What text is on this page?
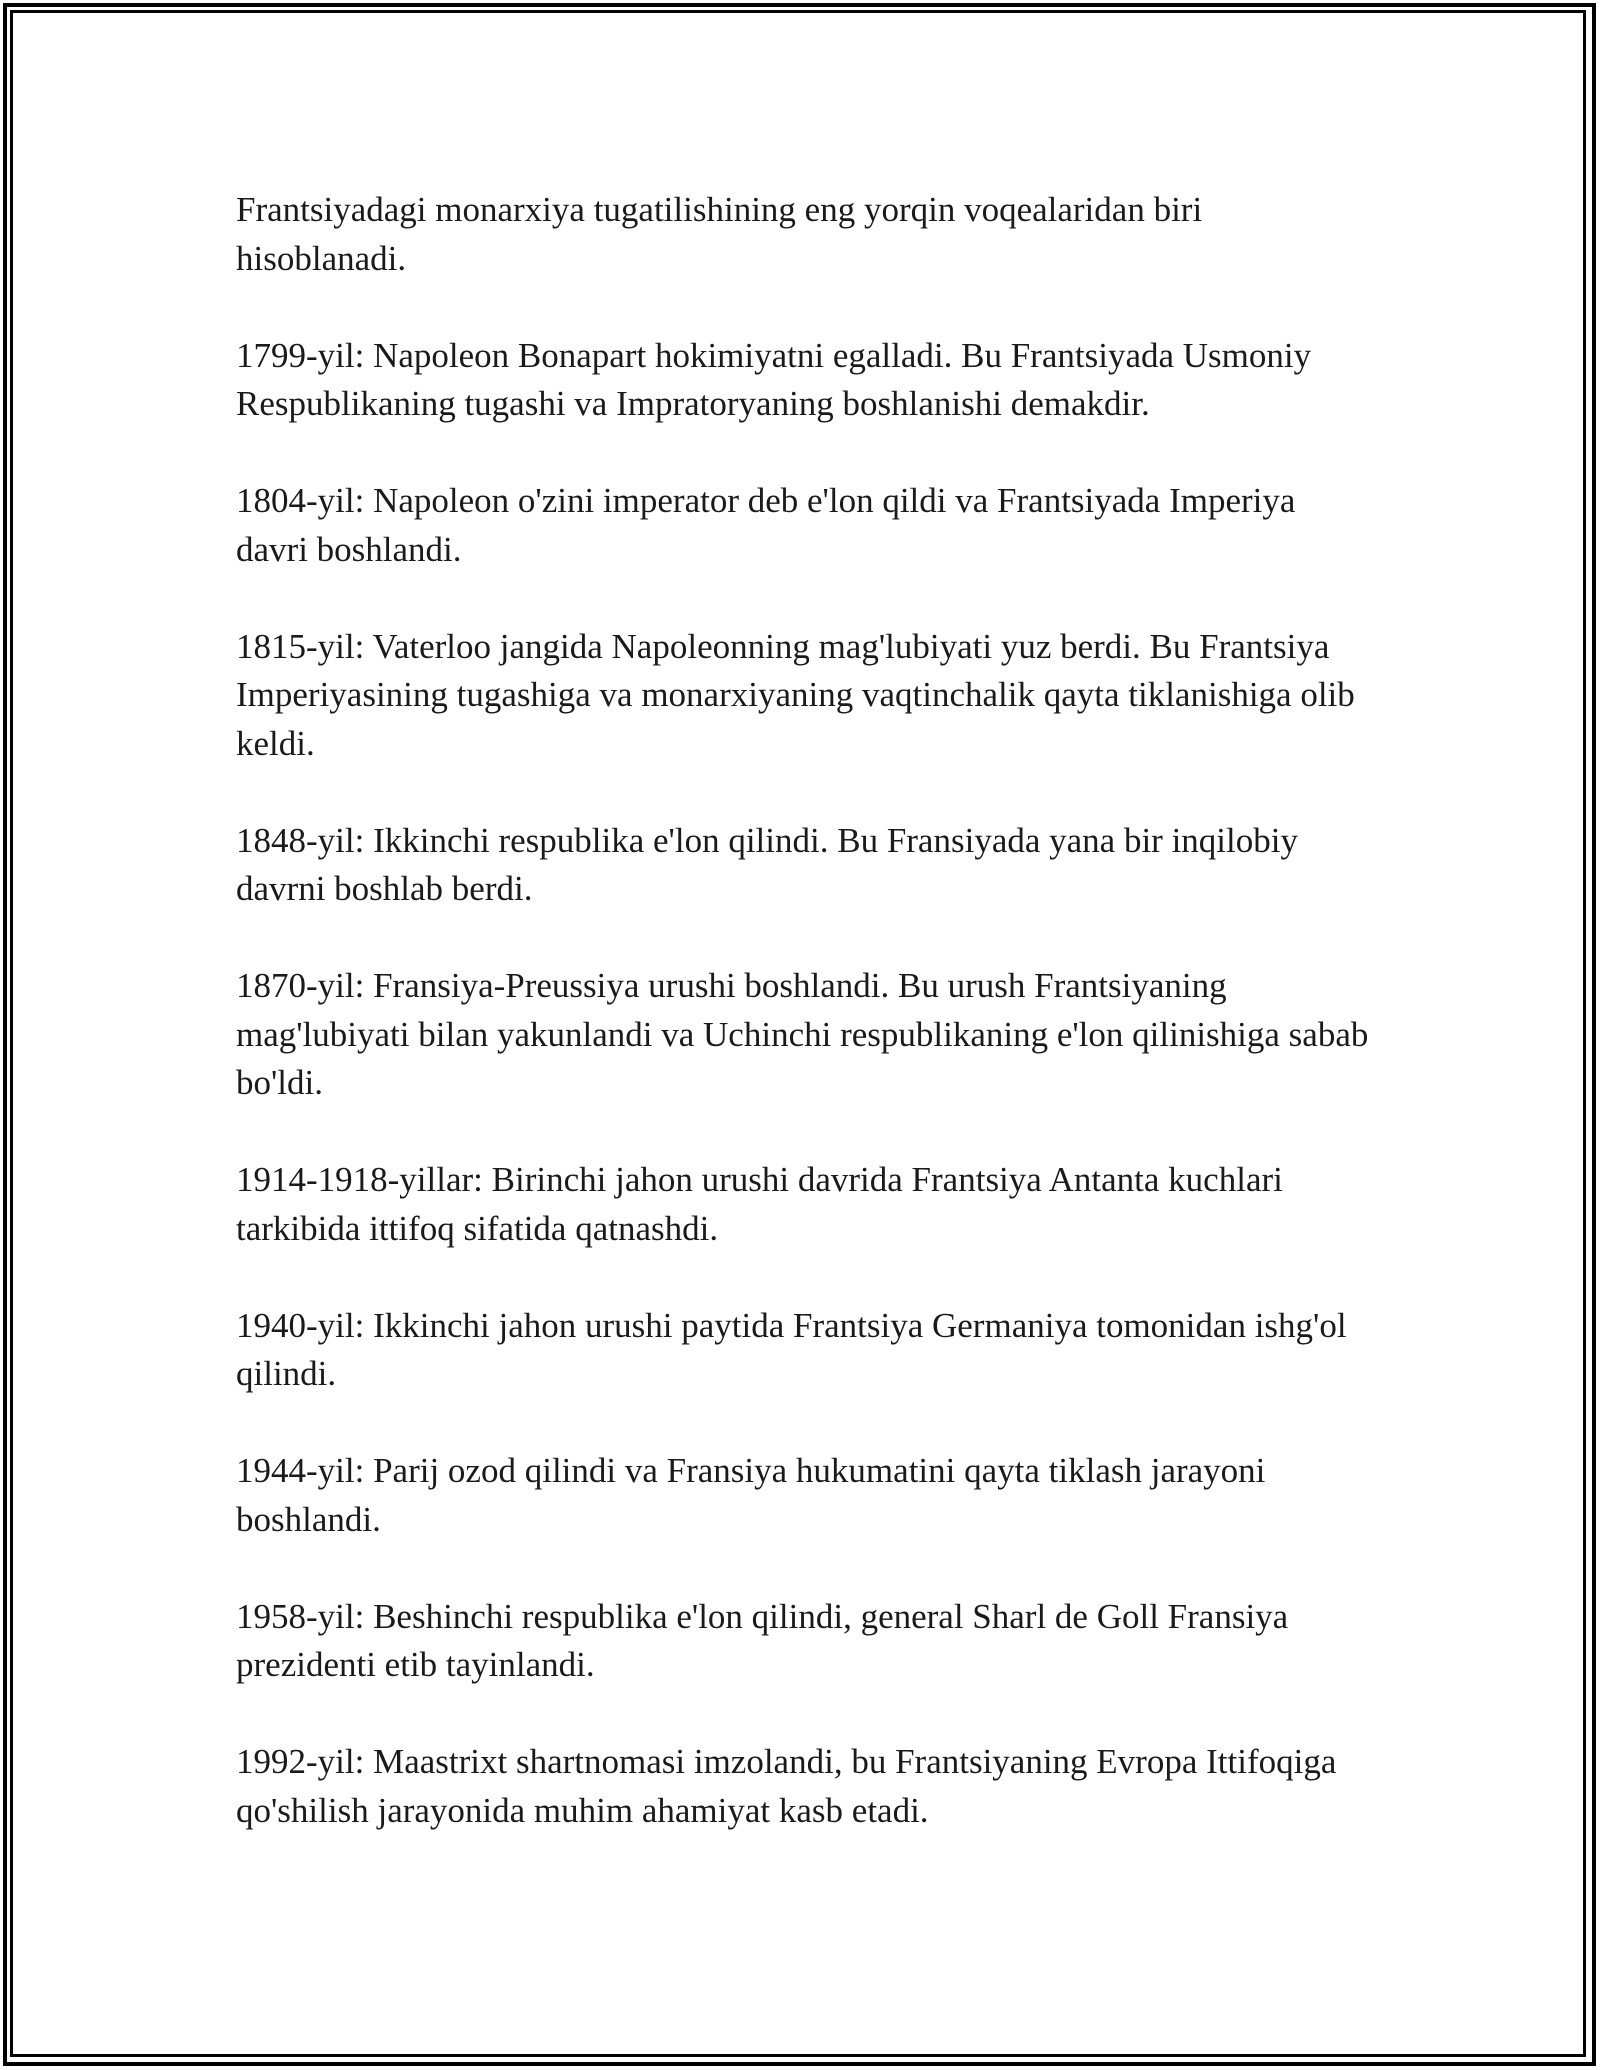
Frantsiyadagi monarxiya tugatilishining eng yorqin voqealaridan biri hisoblanadi.

1799-yil: Napoleon Bonapart hokimiyatni egalladi. Bu Frantsiyada Usmoniy Respublikaning tugashi va Impratoryaning boshlanishi demakdir.

1804-yil: Napoleon o'zini imperator deb e'lon qildi va Frantsiyada Imperiya davri boshlandi.

1815-yil: Vaterloo jangida Napoleonning mag'lubiyati yuz berdi. Bu Frantsiya Imperiyasining tugashiga va monarxiyaning vaqtinchalik qayta tiklanishiga olib keldi.

1848-yil: Ikkinchi respublika e'lon qilindi. Bu Fransiyada yana bir inqilobiy davrni boshlab berdi.

1870-yil: Fransiya-Preussiya urushi boshlandi. Bu urush Frantsiyaning mag'lubiyati bilan yakunlandi va Uchinchi respublikaning e'lon qilinishiga sabab bo'ldi.

1914-1918-yillar: Birinchi jahon urushi davrida Frantsiya Antanta kuchlari tarkibida ittifoq sifatida qatnashdi.

1940-yil: Ikkinchi jahon urushi paytida Frantsiya Germaniya tomonidan ishg'ol qilindi.

1944-yil: Parij ozod qilindi va Fransiya hukumatini qayta tiklash jarayoni boshlandi.

1958-yil: Beshinchi respublika e'lon qilindi, general Sharl de Goll Fransiya prezidenti etib tayinlandi.

1992-yil: Maastrixt shartnomasi imzolandi, bu Frantsiyaning Evropa Ittifoqiga qo'shilish jarayonida muhim ahamiyat kasb etadi.
